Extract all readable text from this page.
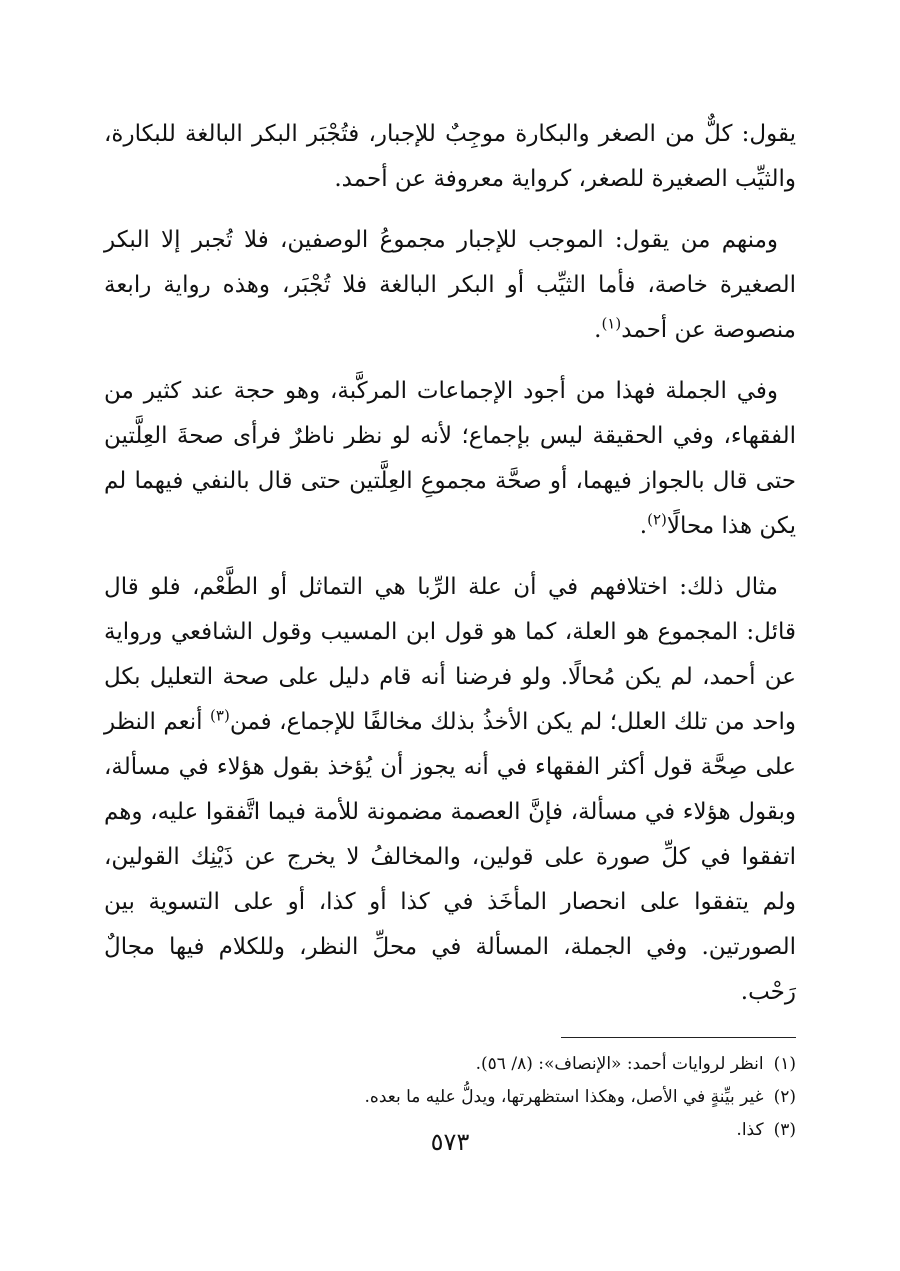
يقول: كلٌّ من الصغر والبكارة موجِبٌ للإجبار، فتُجْبَر البكر البالغة للبكارة، والثيِّب الصغيرة للصغر، كرواية معروفة عن أحمد.

ومنهم من يقول: الموجب للإجبار مجموعُ الوصفين، فلا تُجبر إلا البكر الصغيرة خاصة، فأما الثيِّب أو البكر البالغة فلا تُجْبَر، وهذه رواية رابعة منصوصة عن أحمد$^{(١)}$.

وفي الجملة فهذا من أجود الإجماعات المركَّبة، وهو حجة عند كثير من الفقهاء، وفي الحقيقة ليس بإجماع؛ لأنه لو نظر ناظرٌ فرأى صحةَ العِلَّتين حتى قال بالجواز فيهما، أو صحَّة مجموعِ العِلَّتين حتى قال بالنفي فيهما لم يكن هذا محالًا$^{(٢)}$.

مثال ذلك: اختلافهم في أن علة الرِّبا هي التماثل أو الطَّعْم، فلو قال قائل: المجموع هو العلة، كما هو قول ابن المسيب وقول الشافعي ورواية عن أحمد، لم يكن مُحالًا. ولو فرضنا أنه قام دليل على صحة التعليل بكل واحد من تلك العلل؛ لم يكن الأخذُ بذلك مخالفًا للإجماع، فمن$^{(٣)}$ أنعم النظر على صِحَّة قول أكثر الفقهاء في أنه يجوز أن يُؤخذ بقول هؤلاء في مسألة، وبقول هؤلاء في مسألة، فإنَّ العصمة مضمونة للأمة فيما اتَّفقوا عليه، وهم اتفقوا في كلِّ صورة على قولين، والمخالفُ لا يخرج عن ذَيْنِك القولين، ولم يتفقوا على انحصار المأخَذ في كذا أو كذا، أو على التسوية بين الصورتين. وفي الجملة، المسألة في محلِّ النظر، وللكلام فيها مجالٌ رَحْب.

(١)انظر لروايات أحمد: «الإنصاف»: (٨/ ٥٦).
(٢)غير بيِّنةٍ في الأصل، وهكذا استظهرتها، ويدلُّ عليه ما بعده.
(٣)كذا.
٥٧٣
